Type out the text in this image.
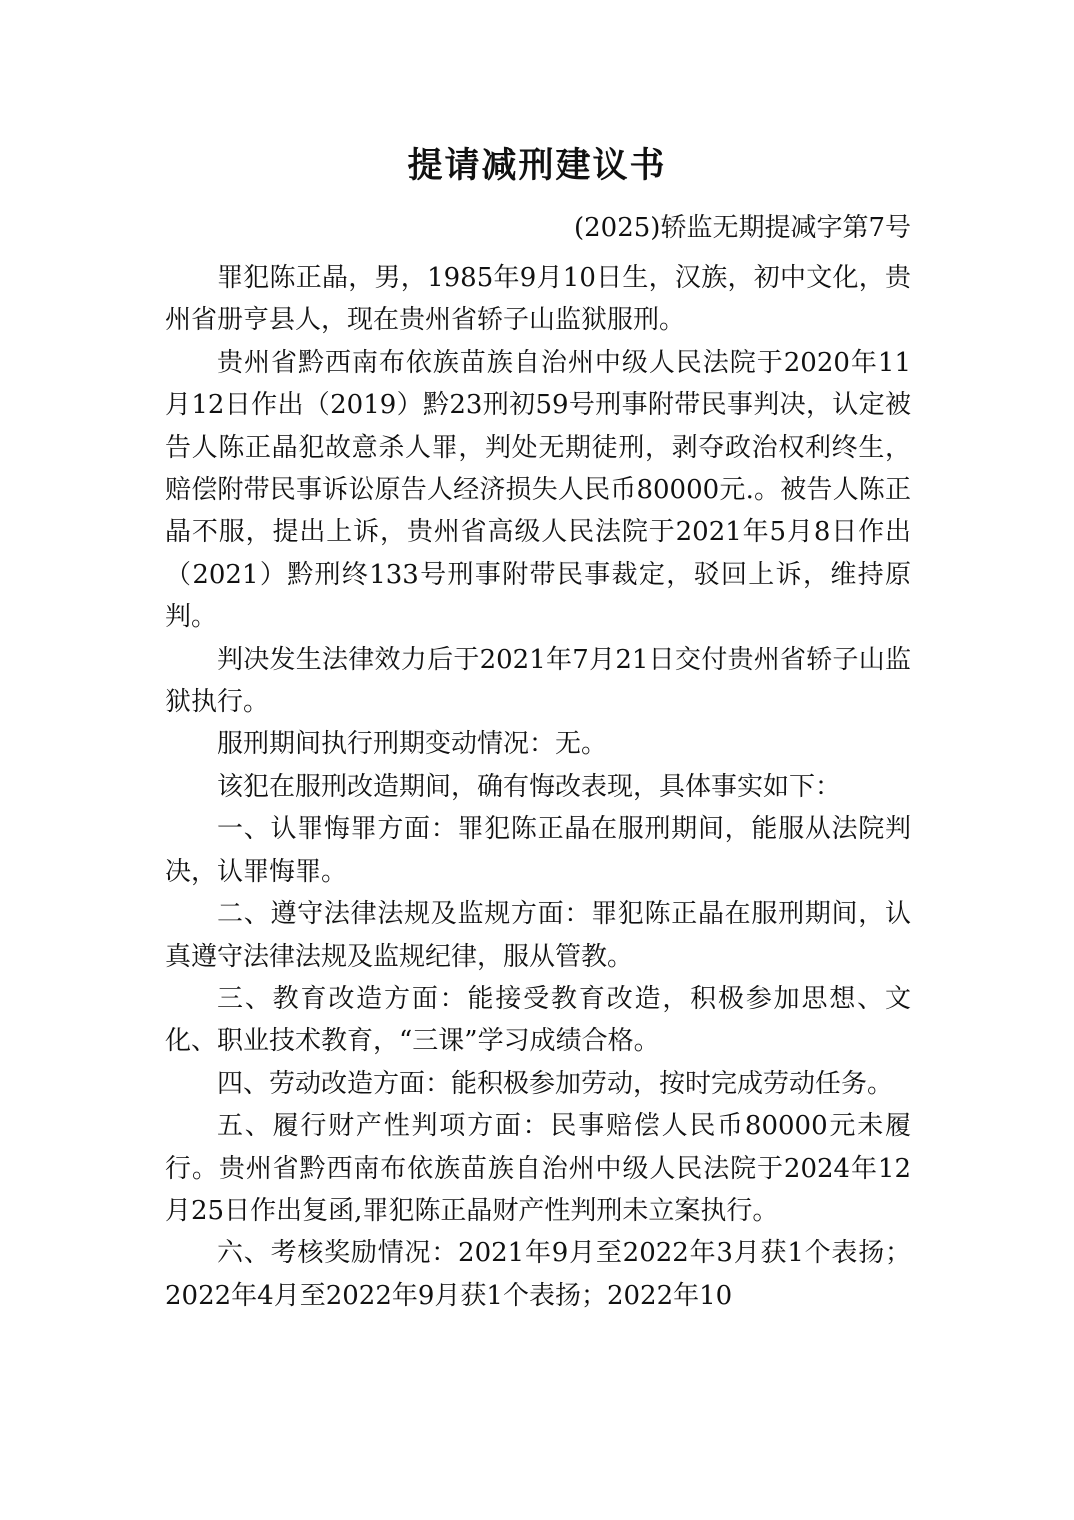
提请减刑建议书
(2025)轿监无期提减字第7号

罪犯陈正晶，男，1985年9月10日生，汉族，初中文化，贵州省册亨县人，现在贵州省轿子山监狱服刑。

贵州省黔西南布依族苗族自治州中级人民法院于2020年11月12日作出（2019）黔23刑初59号刑事附带民事判决，认定被告人陈正晶犯故意杀人罪，判处无期徒刑，剥夺政治权利终生，赔偿附带民事诉讼原告人经济损失人民币80000元.。被告人陈正晶不服，提出上诉，贵州省高级人民法院于2021年5月8日作出（2021）黔刑终133号刑事附带民事裁定，驳回上诉，维持原判。

判决发生法律效力后于2021年7月21日交付贵州省轿子山监狱执行。

服刑期间执行刑期变动情况：无。

该犯在服刑改造期间，确有悔改表现，具体事实如下：

一、认罪悔罪方面：罪犯陈正晶在服刑期间，能服从法院判决，认罪悔罪。

二、遵守法律法规及监规方面：罪犯陈正晶在服刑期间，认真遵守法律法规及监规纪律，服从管教。

三、教育改造方面：能接受教育改造，积极参加思想、文化、职业技术教育，“三课”学习成绩合格。

四、劳动改造方面：能积极参加劳动，按时完成劳动任务。

五、履行财产性判项方面：民事赔偿人民币80000元未履行。贵州省黔西南布依族苗族自治州中级人民法院于2024年12月25日作出复函,罪犯陈正晶财产性判刑未立案执行。

六、考核奖励情况：2021年9月至2022年3月获1个表扬；2022年4月至2022年9月获1个表扬；2022年10
